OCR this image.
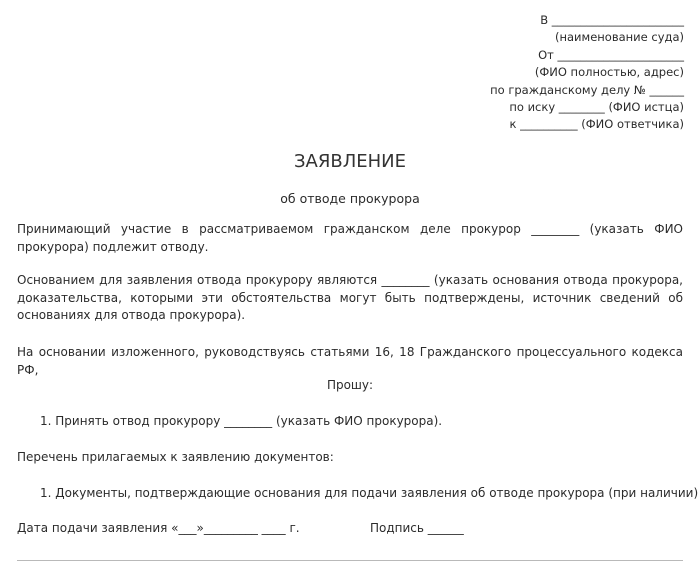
В _______________________
(наименование суда)
От ______________________
(ФИО полностью, адрес)
по гражданскому делу № ______
по иску ________ (ФИО истца)
к __________ (ФИО ответчика)
ЗАЯВЛЕНИЕ
об отводе прокурора
Принимающий участие в рассматриваемом гражданском деле прокурор ________ (указать ФИО прокурора) подлежит отводу.
Основанием для заявления отвода прокурору являются ________ (указать основания отвода прокурора, доказательства, которыми эти обстоятельства могут быть подтверждены, источник сведений об основаниях для отвода прокурора).
На основании изложенного, руководствуясь статьями 16, 18 Гражданского процессуального кодекса РФ,
Прошу:
1. Принять отвод прокурору ________ (указать ФИО прокурора).
Перечень прилагаемых к заявлению документов:
1. Документы, подтверждающие основания для подачи заявления об отводе прокурора (при наличии)
Дата подачи заявления «___»_________ ____ г.	Подпись ______
